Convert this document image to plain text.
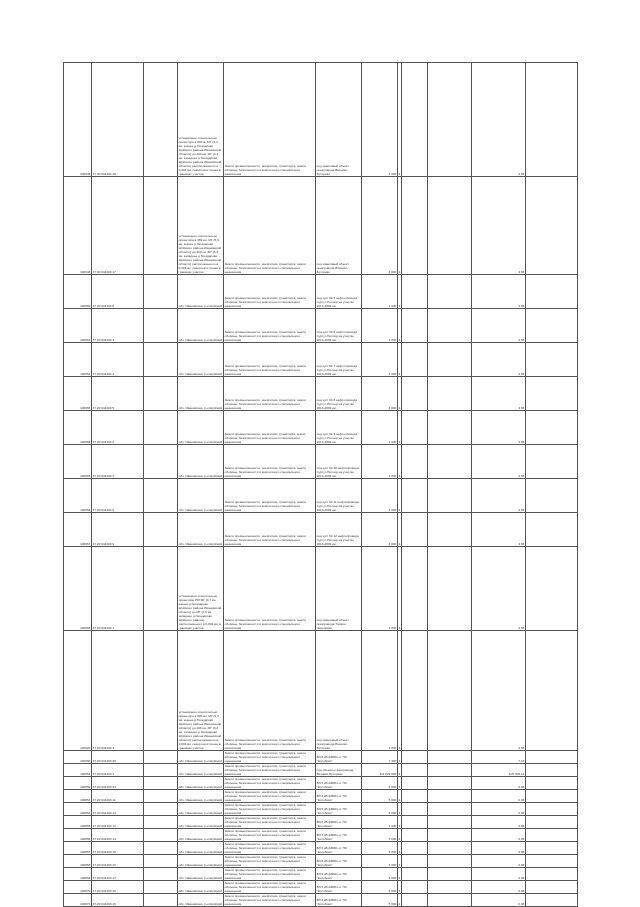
100945	37:30:044404:48		установлено относительно ориентира в 900 м. МТ (9,3 км. южнее д.Гвоздарово Шуйского района Ивановской области) до 200 км. МГ (3,3 км. западнее д.Гвоздарово Шуйского района Ивановской области) расположенного в 0,004 км. северо-восточнее в границах участка	Земли промышленности, энергетики, транспорта, земли обороны, безопасности и земли иного специального назначения	под кранповый объект газопровода Вязники-Буторево	4 000	4			4,65	
100948	37:30:044404:17		установлено относительно ориентира в 369 км. МГ (5,9 км. южнее д.Гвоздарово Шуйского района Ивановской области) до 200 км. МГ (5,3 км. западнее д.Гвоздарово Шуйского района Ивановской области) расположенного в 0,004 км. северо-восточнее в границах участка	Земли промышленности, энергетики, транспорта, земли обороны, безопасности и земли иного специального назначения	под кранповый объект газопровода Вязники-Буторево	4 000	4			4,65	
100950	37:20:044404:8		обл. Ивановская, р-н Шуйский	Земли промышленности, энергетики, транспорта, земли обороны, безопасности и земли иного специального назначения	под куст № 5 нефтепровода Сургут-Полоцк на участке 2013-2009 км.	4 000	4			4,65	
100951	37:20:044404:3		обл. Ивановская, р-н Шуйский	Земли промышленности, энергетики, транспорта, земли обороны, безопасности и земли иного специального назначения	под куст № 6 нефтепровода Сургут-Полоцк на участке 2013-2009 км.	4 000	4			4,65	
100953	37:20:044404:4		обл. Ивановская, р-н Шуйский	Земли промышленности, энергетики, транспорта, земли обороны, безопасности и земли иного специального назначения	под куст № 7 нефтепровода Сургут-Полоцк на участке 2013-2009 км.	4 000	4			4,65	
100955	37:20:044404:5		обл. Ивановская, р-н Шуйский	Земли промышленности, энергетики, транспорта, земли обороны, безопасности и земли иного специального назначения	под куст № 8 нефтепровода Сургут-Полоцк на участке 2013-2009 км.	4 000	4			4,65	
100954	37:20:044404:2		обл. Ивановская, р-н Шуйский	Земли промышленности, энергетики, транспорta, земли обороны, безопасности и земли иного специального назначения	под куст № 9 нефтепровода Сургут-Полоцк на участке 2013-2009 км.	4 000	4			4,65	
100955	37:20:044404:7		обл. Ивановская, р-н Шуйский	Земли промышленности, энергетики, транспорта, земли обороны, безопасности и земли иного специального назначения	под куст № 10 нефтепровода Сургут-Полоцк на участке 2013-2009 км.	4 000	4			4,65	
100956	37:20:044404:6		обл. Ивановская, р-н Шуйский	Земли промышленности, энергетики, транспорта, земли обороны, безопасности и земли иного специального назначения	под куст № 11 нефтепровода Сургут-Полоцк на участке 2013-2009 км.	4 000	4			4,65	
100957	37:20:044404:9		обл. Ивановская, р-н Шуйский	Земли промышленности, энергетики, транспорта, земли обороны, безопасности и земли иного специального назначения	под куст № 12 нефтепровода Сургут-Полоцк на участке 2013-2009 км.	4 000	4			4,65	
100958	37:20:044404:1		установлено относительно ориентира 250 МГ (0,7 км. южнее д.Гвоздарово Шуйского района Ивановской области) до МГ (0,9 км. западнее д.Гвоздарово Шуйского района) расположенного в 0,004 км. в границах участка	Земли промышленности, энергетики, транспорта, земли обороны, безопасности и земли иного специального назначения	под кранповый объект газопровода Торжок-Череповец	4 000	4			4,65	
100920	37:20:044404:3		установлено относительно ориентира в 900 км. МГ (9,3 км. южнее д.Гвоздарово Шуйского района Ивановской области) до 200 км. МГ (3,3 км. западнее д.Гвоздарово Шуйского района Ивановской области) расположенного в 0,004 км. северо-восточнее в границах участка	Земли промышленности, энергетики, транспорта, земли обороны, безопасности и земли иного специального назначения	под кранповый объект газопровода Вязники-Буторево	4 000	4			4,65	
100950	37:20:044403:46		обл. Ивановская, р-н Шуйский	Земли промышленности, энергетики, транспорта, земли обороны, безопасности и земли иного специального назначения	ВЛ 6 кВ ф8001 от ПС "Колобово"	7 400	4			7,15	
100951	37:20:044403:1		обл. Ивановская, р-н Шуйский	Земли промышленности, энергетики, транспорта, земли обороны, безопасности и земли иного специального назначения	под объекты газопровода Вязники-Буторево	111 629 000	4			105 305,12	
100852	37:20:044403:34		обл. Ивановская, р-н Шуйский	Земли промышленности, энергетики, транспорта, земли обороны, безопасности и земли иного специального назначения	ВЛ 6 кВ ф8001 от ПС "Колобово"	5 000	4			0,06	
100853	37:20:044403:11		обл. Ивановская, р-н Шуйский	Земли промышленности, энергетики, транспорта, земли обороны, безопасности и земли иного специального назначения	ВЛ 6 кВ ф8001 от ПС "Колобово"	5 000	4			0,06	
100854	37:20:044403:13		обл. Ивановская, р-н Шуйский	Земли промышленности, энергетики, транспорта, земли обороны, безопасности и земли иного специального назначения	ВЛ 6 кВ ф8001 от ПС "Колобово"	5 000	4			0,06	
100855	37:20:044403:12		обл. Ивановская, р-н Шуйский	Земли промышленности, энергетики, транспорта, земли обороны, безопасности и земли иного специального назначения	ВЛ 6 кВ ф8001 от ПС "Колобово"	5 000	4			0,06	
100856	37:20:044403:14		обл. Ивановская, р-н Шуйский	Земли промышленности, энергетики, транспорта, земли обороны, безопасности и земли иного специального назначения	ВЛ 6 кВ ф8001 от ПС "Колобово"	5 000	4			0,06	
100857	37:20:044403:15		обл. Ивановская, р-н Шуйский	Земли промышленности, энергетики, транспорта, земли обороны, безопасности и земли иного специального назначения	ВЛ 6 кВ ф8001 от ПС "Колобово"	5 000	4			0,06	
100858	37:20:044403:16		обл. Ивановская, р-н Шуйский	Земли промышленности, энергетики, транспорта, земли обороны, безопасности и земли иного специального назначения	ВЛ 6 кВ ф8001 от ПС "Колобово"	5 000	4			0,06	
100869	37:20:044403:17		обл. Ивановская, р-н Шуйский	Земли промышленности, энергетики, транспорта, земли обороны, безопасности и земли иного специального назначения	ВЛ 6 кВ ф8001 от ПС "Колобово"	5 000	4			0,06	
100870	37:20:044403:18		обл. Ивановская, р-н Шуйский	Земли промышленности, энергетики, транспорта, земли обороны, безопасности и земли иного специального назначения	ВЛ 6 кВ ф8001 от ПС "Колобово"	5 000	4			0,06	
100871	37:20:044403:19		обл. Ивановская, р-н Шуйский	Земли промышленности, энергетики, транспорта, земли обороны, безопасности и земли иного специального назначения	ВЛ 6 кВ ф8001 от ПС "Колобово"	5 000	4			0,06	
